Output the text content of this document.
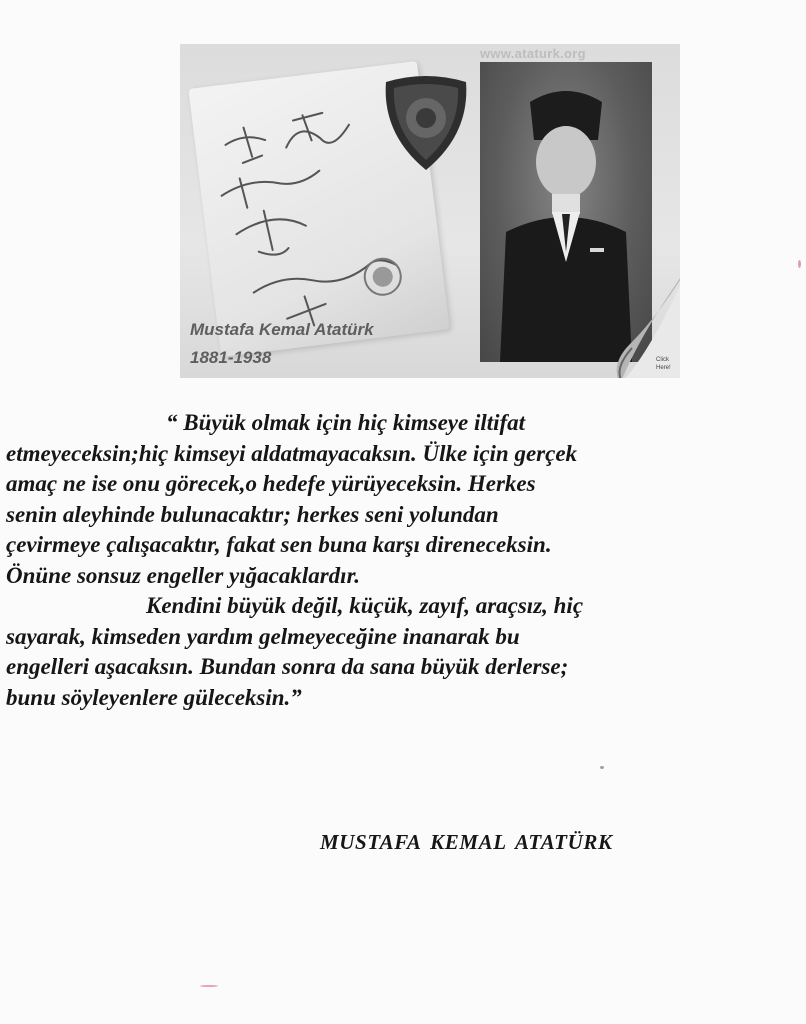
www.ataturk.org
Mustafa Kemal Atatürk
1881-1938	Click Here!
“ Büyük olmak için hiç kimseye iltifat
etmeyeceksin;hiç kimseyi aldatmayacaksın. Ülke için gerçek
amaç ne ise onu görecek,o hedefe yürüyeceksin. Herkes
senin aleyhinde bulunacaktır; herkes seni yolundan
çevirmeye çalışacaktır, fakat sen buna karşı direneceksin.
Önüne sonsuz engeller yığacaklardır.
Kendini büyük değil, küçük, zayıf, araçsız, hiç
sayarak, kimseden yardım gelmeyeceğine inanarak bu
engelleri aşacaksın. Bundan sonra da sana büyük derlerse;
bunu söyleyenlere güleceksin.”
MUSTAFA KEMAL ATATÜRK
